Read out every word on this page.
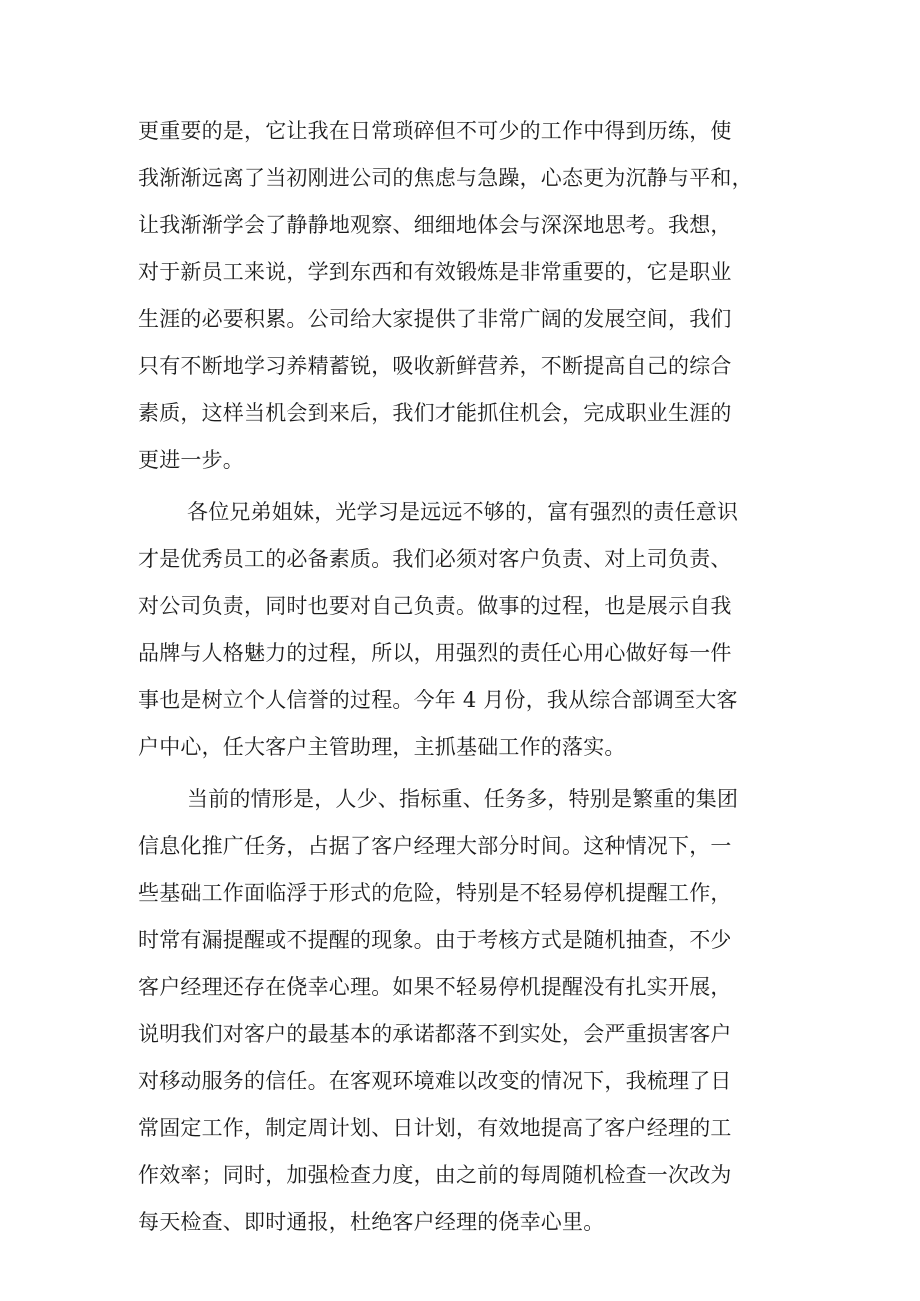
更重要的是，它让我在日常琐碎但不可少的工作中得到历练，使
我渐渐远离了当初刚进公司的焦虑与急躁，心态更为沉静与平和，
让我渐渐学会了静静地观察、细细地体会与深深地思考。我想，
对于新员工来说，学到东西和有效锻炼是非常重要的，它是职业
生涯的必要积累。公司给大家提供了非常广阔的发展空间，我们
只有不断地学习养精蓄锐，吸收新鲜营养，不断提高自己的综合
素质，这样当机会到来后，我们才能抓住机会，完成职业生涯的
更进一步。
各位兄弟姐妹，光学习是远远不够的，富有强烈的责任意识
才是优秀员工的必备素质。我们必须对客户负责、对上司负责、
对公司负责，同时也要对自己负责。做事的过程，也是展示自我
品牌与人格魅力的过程，所以，用强烈的责任心用心做好每一件
事也是树立个人信誉的过程。今年 4 月份，我从综合部调至大客
户中心，任大客户主管助理，主抓基础工作的落实。
当前的情形是，人少、指标重、任务多，特别是繁重的集团
信息化推广任务，占据了客户经理大部分时间。这种情况下，一
些基础工作面临浮于形式的危险，特别是不轻易停机提醒工作，
时常有漏提醒或不提醒的现象。由于考核方式是随机抽查，不少
客户经理还存在侥幸心理。如果不轻易停机提醒没有扎实开展，
说明我们对客户的最基本的承诺都落不到实处，会严重损害客户
对移动服务的信任。在客观环境难以改变的情况下，我梳理了日
常固定工作，制定周计划、日计划，有效地提高了客户经理的工
作效率；同时，加强检查力度，由之前的每周随机检查一次改为
每天检查、即时通报，杜绝客户经理的侥幸心里。
